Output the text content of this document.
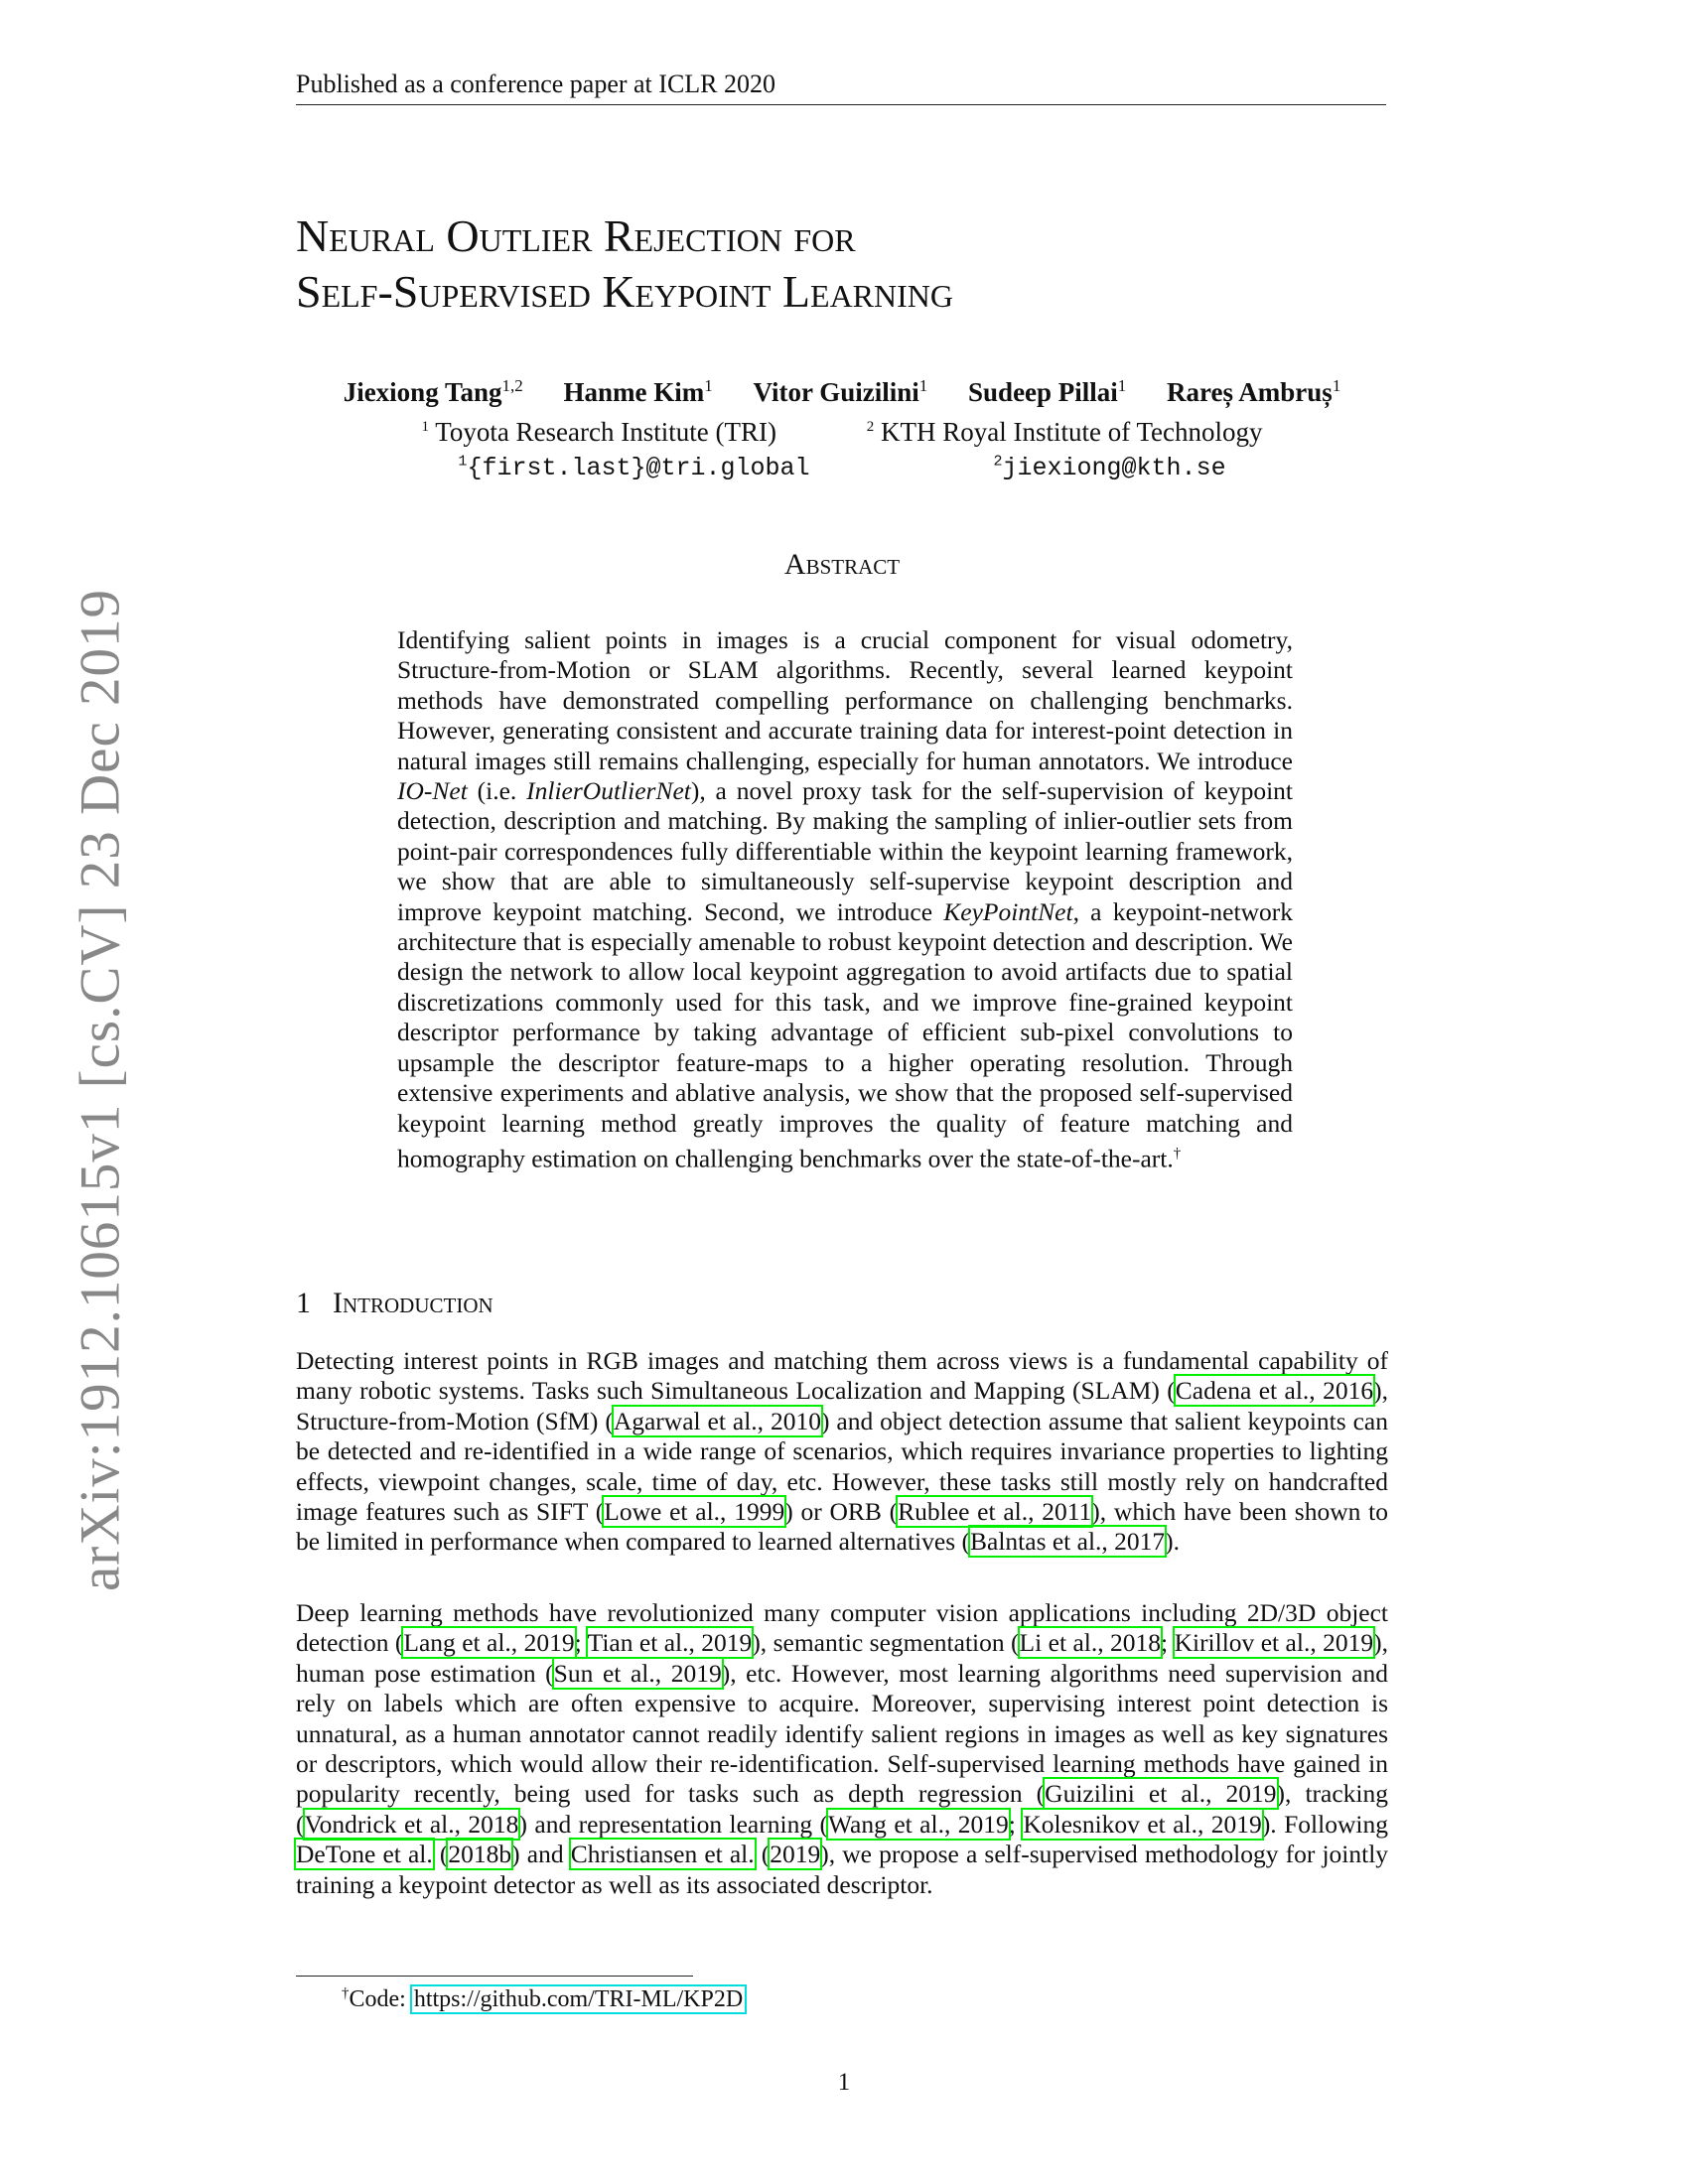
Published as a conference paper at ICLR 2020
arXiv:1912.10615v1 [cs.CV] 23 Dec 2019
Neural Outlier Rejection for
Self-Supervised Keypoint Learning
Jiexiong Tang$^{1,2}$ Hanme Kim$^1$ Vitor Guizilini$^1$ Sudeep Pillai$^1$ Rareș Ambruș$^1$
$^1$ Toyota Research Institute (TRI)	$^2$ KTH Royal Institute of Technology
$^1${first.last}@tri.global	$^2$jiexiong@kth.se
Abstract
Identifying salient points in images is a crucial component for visual odometry, Structure-from-Motion or SLAM algorithms. Recently, several learned keypoint methods have demonstrated compelling performance on challenging benchmarks. However, generating consistent and accurate training data for interest-point detection in natural images still remains challenging, especially for human annotators. We introduce IO-Net (i.e. InlierOutlierNet), a novel proxy task for the self-supervision of keypoint detection, description and matching. By making the sampling of inlier-outlier sets from point-pair correspondences fully differentiable within the keypoint learning framework, we show that are able to simultaneously self-supervise keypoint description and improve keypoint matching. Second, we introduce KeyPointNet, a keypoint-network architecture that is especially amenable to robust keypoint detection and description. We design the network to allow local keypoint aggregation to avoid artifacts due to spatial discretizations commonly used for this task, and we improve fine-grained keypoint descriptor performance by taking advantage of efficient sub-pixel convolutions to upsample the descriptor feature-maps to a higher operating resolution. Through extensive experiments and ablative analysis, we show that the proposed self-supervised keypoint learning method greatly improves the quality of feature matching and homography estimation on challenging benchmarks over the state-of-the-art.†
1 Introduction
Detecting interest points in RGB images and matching them across views is a fundamental capability of many robotic systems. Tasks such Simultaneous Localization and Mapping (SLAM) (Cadena et al., 2016), Structure-from-Motion (SfM) (Agarwal et al., 2010) and object detection assume that salient keypoints can be detected and re-identified in a wide range of scenarios, which requires invariance properties to lighting effects, viewpoint changes, scale, time of day, etc. However, these tasks still mostly rely on handcrafted image features such as SIFT (Lowe et al., 1999) or ORB (Rublee et al., 2011), which have been shown to be limited in performance when compared to learned alternatives (Balntas et al., 2017).
Deep learning methods have revolutionized many computer vision applications including 2D/3D object detection (Lang et al., 2019; Tian et al., 2019), semantic segmentation (Li et al., 2018; Kirillov et al., 2019), human pose estimation (Sun et al., 2019), etc. However, most learning algorithms need supervision and rely on labels which are often expensive to acquire. Moreover, supervising interest point detection is unnatural, as a human annotator cannot readily identify salient regions in images as well as key signatures or descriptors, which would allow their re-identification. Self-supervised learning methods have gained in popularity recently, being used for tasks such as depth regression (Guizilini et al., 2019), tracking (Vondrick et al., 2018) and representation learning (Wang et al., 2019; Kolesnikov et al., 2019). Following DeTone et al. (2018b) and Christiansen et al. (2019), we propose a self-supervised methodology for jointly training a keypoint detector as well as its associated descriptor.
†Code: https://github.com/TRI-ML/KP2D
1
